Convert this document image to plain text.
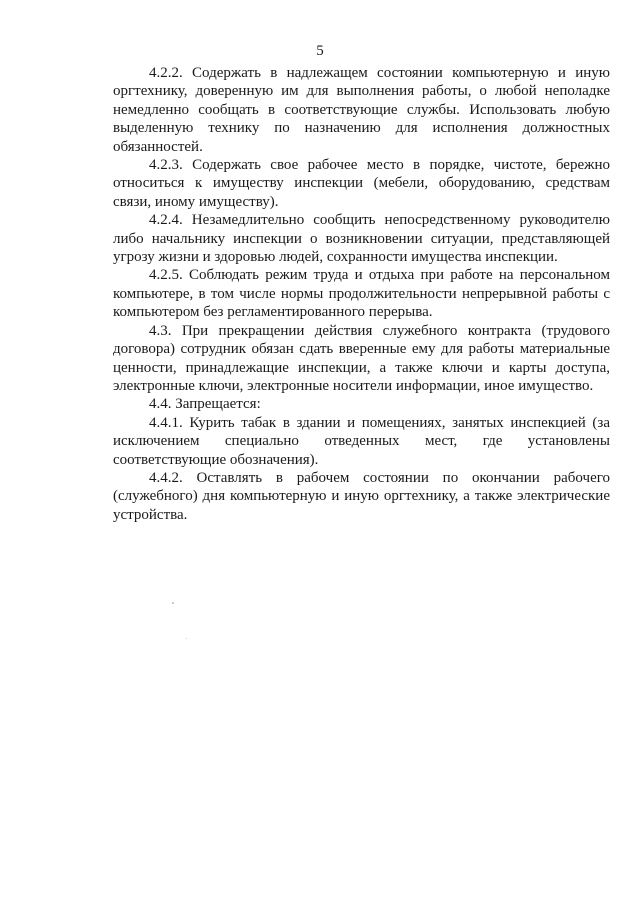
5

4.2.2. Содержать в надлежащем состоянии компьютерную и иную оргтехнику, доверенную им для выполнения работы, о любой неполадке немедленно сообщать в соответствующие службы. Использовать любую выделенную технику по назначению для исполнения должностных обязанностей.

4.2.3. Содержать свое рабочее место в порядке, чистоте, бережно относиться к имуществу инспекции (мебели, оборудованию, средствам связи, иному имуществу).

4.2.4. Незамедлительно сообщить непосредственному руководителю либо начальнику инспекции о возникновении ситуации, представляющей угрозу жизни и здоровью людей, сохранности имущества инспекции.

4.2.5. Соблюдать режим труда и отдыха при работе на персональном компьютере, в том числе нормы продолжительности непрерывной работы с компьютером без регламентированного перерыва.

4.3. При прекращении действия служебного контракта (трудового договора) сотрудник обязан сдать вверенные ему для работы материальные ценности, принадлежащие инспекции, а также ключи и карты доступа, электронные ключи, электронные носители информации, иное имущество.

4.4. Запрещается:

4.4.1. Курить табак в здании и помещениях, занятых инспекцией (за исключением специально отведенных мест, где установлены соответствующие обозначения).

4.4.2. Оставлять в рабочем состоянии по окончании рабочего (служебного) дня компьютерную и иную оргтехнику, а также электрические устройства.
